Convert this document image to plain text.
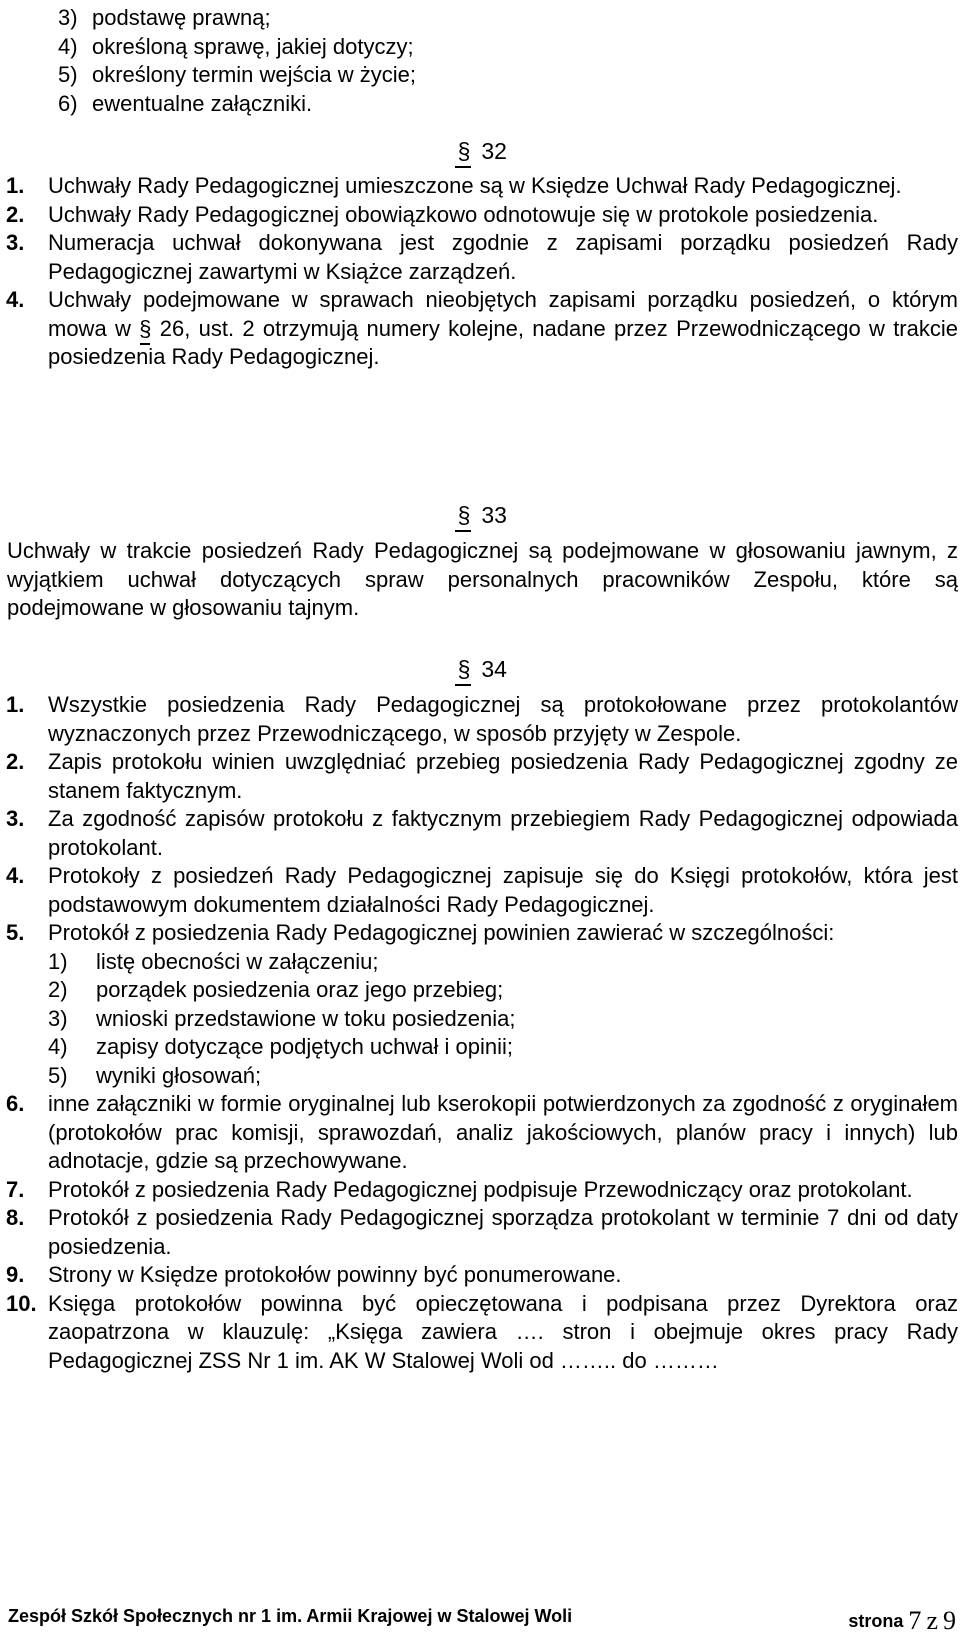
3) podstawę prawną;
4) określoną sprawę, jakiej dotyczy;
5) określony termin wejścia w życie;
6) ewentualne załączniki.
§ 32
1. Uchwały Rady Pedagogicznej umieszczone są w Księdze Uchwał Rady Pedagogicznej.
2. Uchwały Rady Pedagogicznej obowiązkowo odnotowuje się w protokole posiedzenia.
3. Numeracja uchwał dokonywana jest zgodnie z zapisami porządku posiedzeń Rady Pedagogicznej zawartymi w Książce zarządzeń.
4. Uchwały podejmowane w sprawach nieobjętych zapisami porządku posiedzeń, o którym mowa w § 26, ust. 2 otrzymują numery kolejne, nadane przez Przewodniczącego w trakcie posiedzenia Rady Pedagogicznej.
§ 33
Uchwały w trakcie posiedzeń Rady Pedagogicznej są podejmowane w głosowaniu jawnym, z wyjątkiem uchwał dotyczących spraw personalnych pracowników Zespołu, które są podejmowane w głosowaniu tajnym.
§ 34
1. Wszystkie posiedzenia Rady Pedagogicznej są protokołowane przez protokolantów wyznaczonych przez Przewodniczącego, w sposób przyjęty w Zespole.
2. Zapis protokołu winien uwzględniać przebieg posiedzenia Rady Pedagogicznej zgodny ze stanem faktycznym.
3. Za zgodność zapisów protokołu z faktycznym przebiegiem Rady Pedagogicznej odpowiada protokolant.
4. Protokoły z posiedzeń Rady Pedagogicznej zapisuje się do Księgi protokołów, która jest podstawowym dokumentem działalności Rady Pedagogicznej.
5. Protokół z posiedzenia Rady Pedagogicznej powinien zawierać w szczególności:
1) listę obecności w załączeniu;
2) porządek posiedzenia oraz jego przebieg;
3) wnioski przedstawione w toku posiedzenia;
4) zapisy dotyczące podjętych uchwał i opinii;
5) wyniki głosowań;
6. inne załączniki w formie oryginalnej lub kserokopii potwierdzonych za zgodność z oryginałem (protokołów prac komisji, sprawozdań, analiz jakościowych, planów pracy i innych) lub adnotacje, gdzie są przechowywane.
7. Protokół z posiedzenia Rady Pedagogicznej podpisuje Przewodniczący oraz protokolant.
8. Protokół z posiedzenia Rady Pedagogicznej sporządza protokolant w terminie 7 dni od daty posiedzenia.
9. Strony w Księdze protokołów powinny być ponumerowane.
10. Księga protokołów powinna być opieczętowana i podpisana przez Dyrektora oraz zaopatrzona w klauzulę: „Księga zawiera …. stron i obejmuje okres pracy Rady Pedagogicznej ZSS Nr 1 im. AK W Stalowej Woli od …….. do ………
Zespół Szkół Społecznych nr 1 im. Armii Krajowej w Stalowej Woli	strona 7 z 9
